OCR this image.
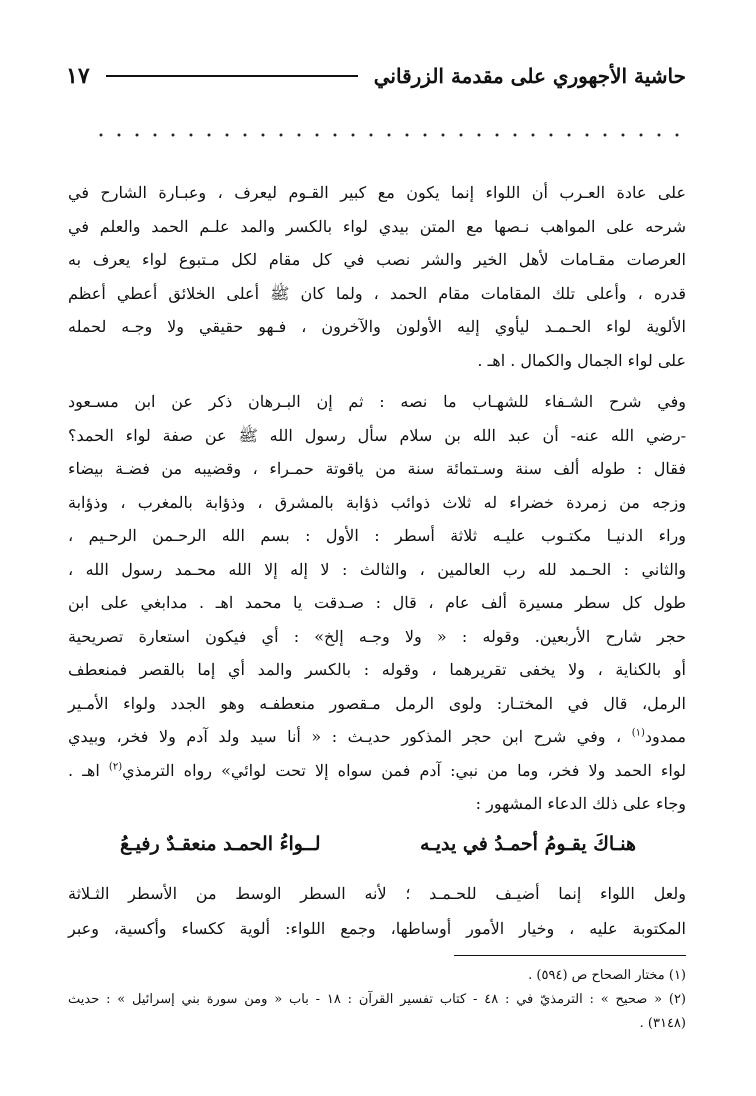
حاشية الأجهوري على مقدمة الزرقاني
١٧

على عادة العـرب أن اللواء إنما يكون مع كبير القـوم ليعرف ، وعبـارة الشارح في
شرحه على المواهب نـصها مع المتن بيدي لواء بالكسر والمد علـم الحمد والعلم في
العرصات مقـامات لأهل الخير والشر نصب في كل مقام لكل مـتبوع لواء يعرف به
قدره ، وأعلى تلك المقامات مقام الحمد ، ولما كان ﷺ أعلى الخلائق أعطي أعظم
الألوية لواء الحـمـد ليأوي إليه الأولون والآخرون ، فـهو حقيقي ولا وجـه لحمله
على لواء الجمال والكمال . اهـ .

وفي شرح الشـفاء للشهـاب ما نصه : ثم إن البـرهان ذكر عن ابن مسـعود
-رضي الله عنه- أن عبد الله بن سلام سأل رسول الله ﷺ عن صفة لواء الحمد؟
فقال : طوله ألف سنة وسـتمائة سنة من ياقوتة حمـراء ، وقضيبه من فضـة بيضاء
وزجه من زمردة خضراء له ثلاث ذوائب ذؤابة بالمشرق ، وذؤابة بالمغرب ، وذؤابة
وراء الدنيـا مكتـوب عليـه ثلاثة أسطر : الأول : بسم الله الرحـمن الرحـيم ،
والثاني : الحـمد لله رب العالمين ، والثالث : لا إله إلا الله محـمد رسول الله ،
طول كل سطر مسيرة ألف عام ، قال : صـدقت يا محمد اهـ . مدابغي على ابن
حجر شارح الأربعين. وقوله : « ولا وجـه إلخ» : أي فيكون استعارة تصريحية
أو بالكناية ، ولا يخفى تقريرهما ، وقوله : بالكسر والمد أي إما بالقصر فمنعطف
الرمل، قال في المختـار: ولوى الرمل مـقصور منعطفـه وهو الجدد ولواء الأمـير
ممدود$^{(١)}$ ، وفي شرح ابن حجر المذكور حديـث : « أنا سيد ولد آدم ولا فخر، وبيدي
لواء الحمد ولا فخر، وما من نبي: آدم فمن سواه إلا تحت لوائي» رواه الترمذي$^{(٢)}$ اهـ .
وجاء على ذلك الدعاء المشهور :

هنـاكَ يقـومُ أحمـدُ في يديـه
لــواءُ الحمـد منعقـدٌ رفيـعُ
ولعل اللواء إنما أضيـف للحـمـد ؛ لأنه السطر الوسط من الأسطر الثـلاثة
المكتوبة عليه ، وخيار الأمور أوساطها، وجمع اللواء: ألوية ككساء وأكسية، وعبر
(١) مختار الصحاح ص (٥٩٤) .
(٢) « صحيح » : الترمذيّ في : ٤٨ - كتاب تفسير القرآن : ١٨ - باب « ومن سورة بني إسرائيل » : حديث
(٣١٤٨) .
